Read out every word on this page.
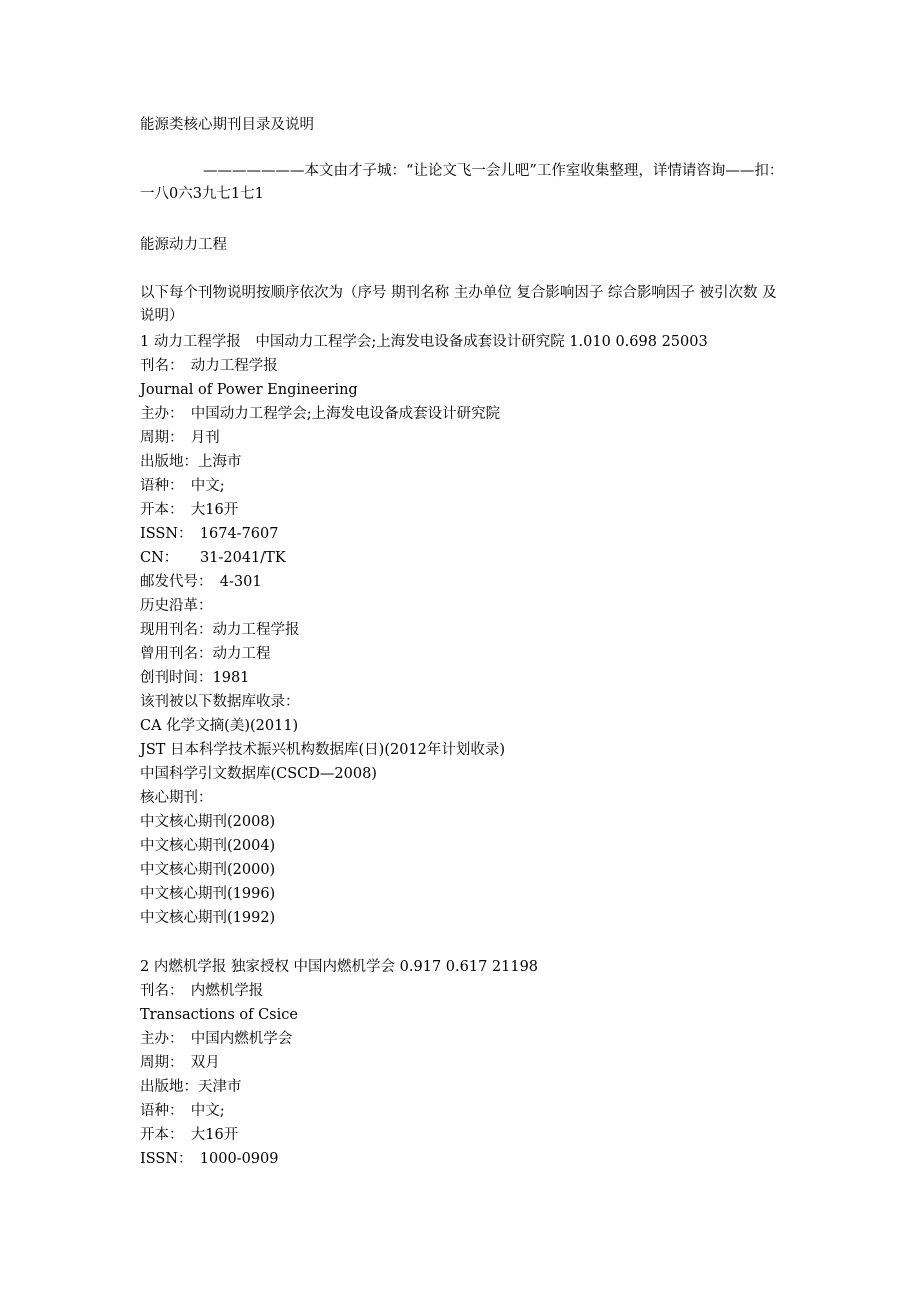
能源类核心期刊目录及说明
———————本文由才子城：“让论文飞一会儿吧”工作室收集整理，详情请咨询——扣：一八0六3九七1七1
能源动力工程
以下每个刊物说明按顺序依次为（序号 期刊名称 主办单位 复合影响因子 综合影响因子 被引次数 及说明）
1 动力工程学报　中国动力工程学会;上海发电设备成套设计研究院 1.010 0.698 25003
刊名：　动力工程学报
Journal of Power Engineering
主办：　中国动力工程学会;上海发电设备成套设计研究院
周期：　月刊
出版地：上海市
语种：　中文;
开本：　大16开
ISSN：　1674-7607
CN：　　31-2041/TK
邮发代号：　4-301
历史沿革：
现用刊名：动力工程学报
曾用刊名：动力工程
创刊时间：1981
该刊被以下数据库收录：
CA 化学文摘(美)(2011)
JST 日本科学技术振兴机构数据库(日)(2012年计划收录)
中国科学引文数据库(CSCD—2008)
核心期刊：
中文核心期刊(2008)
中文核心期刊(2004)
中文核心期刊(2000)
中文核心期刊(1996)
中文核心期刊(1992)
2 内燃机学报 独家授权 中国内燃机学会 0.917 0.617 21198
刊名：　内燃机学报
Transactions of Csice
主办：　中国内燃机学会
周期：　双月
出版地：天津市
语种：　中文;
开本：　大16开
ISSN：　1000-0909
